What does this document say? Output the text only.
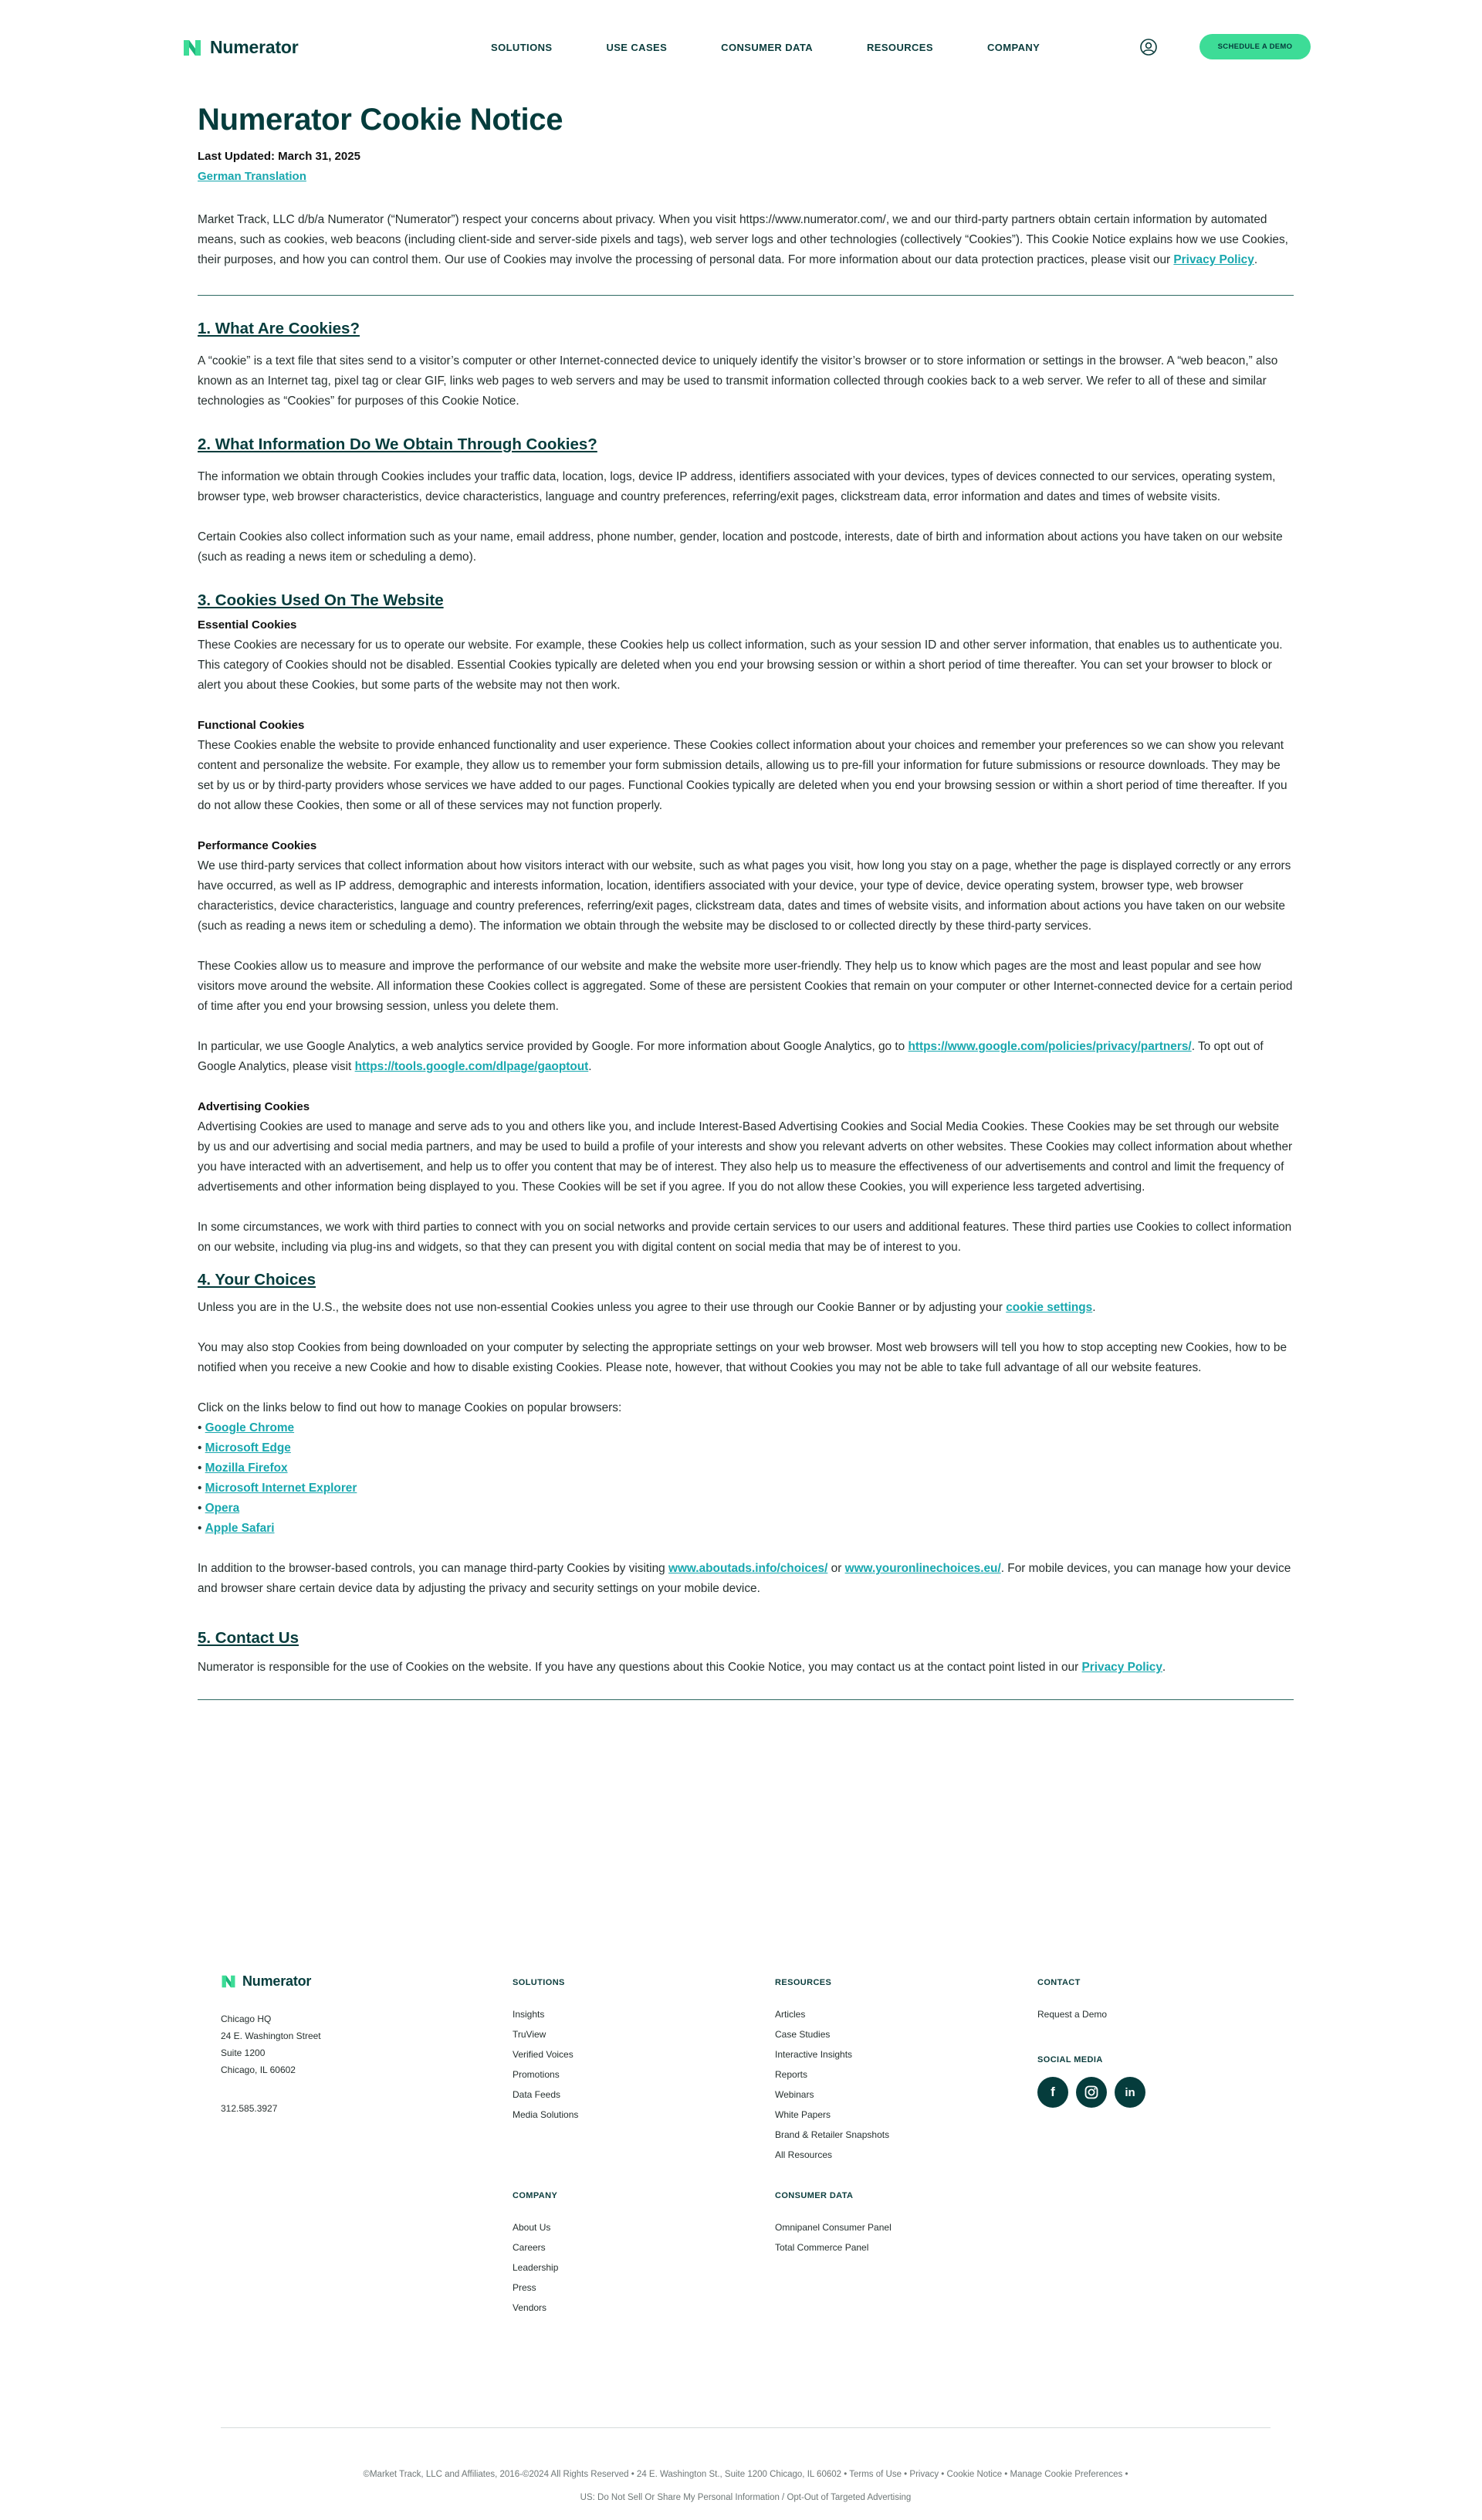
Numerator	SOLUTIONS	USE CASES	CONSUMER DATA	RESOURCES	COMPANY	SCHEDULE A DEMO
Numerator Cookie Notice
Last Updated: March 31, 2025
German Translation

Market Track, LLC d/b/a Numerator (“Numerator”) respect your concerns about privacy. When you visit https://www.numerator.com/, we and our third-party partners obtain certain information by automated means, such as cookies, web beacons (including client-side and server-side pixels and tags), web server logs and other technologies (collectively “Cookies”). This Cookie Notice explains how we use Cookies, their purposes, and how you can control them. Our use of Cookies may involve the processing of personal data. For more information about our data protection practices, please visit our Privacy Policy.

1. What Are Cookies?

A “cookie” is a text file that sites send to a visitor’s computer or other Internet-connected device to uniquely identify the visitor’s browser or to store information or settings in the browser. A “web beacon,” also known as an Internet tag, pixel tag or clear GIF, links web pages to web servers and may be used to transmit information collected through cookies back to a web server. We refer to all of these and similar technologies as “Cookies” for purposes of this Cookie Notice.

2. What Information Do We Obtain Through Cookies?

The information we obtain through Cookies includes your traffic data, location, logs, device IP address, identifiers associated with your devices, types of devices connected to our services, operating system, browser type, web browser characteristics, device characteristics, language and country preferences, referring/exit pages, clickstream data, error information and dates and times of website visits.

Certain Cookies also collect information such as your name, email address, phone number, gender, location and postcode, interests, date of birth and information about actions you have taken on our website (such as reading a news item or scheduling a demo).

3. Cookies Used On The Website
Essential Cookies

These Cookies are necessary for us to operate our website. For example, these Cookies help us collect information, such as your session ID and other server information, that enables us to authenticate you. This category of Cookies should not be disabled. Essential Cookies typically are deleted when you end your browsing session or within a short period of time thereafter. You can set your browser to block or alert you about these Cookies, but some parts of the website may not then work.

Functional Cookies

These Cookies enable the website to provide enhanced functionality and user experience. These Cookies collect information about your choices and remember your preferences so we can show you relevant content and personalize the website. For example, they allow us to remember your form submission details, allowing us to pre-fill your information for future submissions or resource downloads. They may be set by us or by third-party providers whose services we have added to our pages. Functional Cookies typically are deleted when you end your browsing session or within a short period of time thereafter. If you do not allow these Cookies, then some or all of these services may not function properly.

Performance Cookies

We use third-party services that collect information about how visitors interact with our website, such as what pages you visit, how long you stay on a page, whether the page is displayed correctly or any errors have occurred, as well as IP address, demographic and interests information, location, identifiers associated with your device, your type of device, device operating system, browser type, web browser characteristics, device characteristics, language and country preferences, referring/exit pages, clickstream data, dates and times of website visits, and information about actions you have taken on our website (such as reading a news item or scheduling a demo). The information we obtain through the website may be disclosed to or collected directly by these third-party services.

These Cookies allow us to measure and improve the performance of our website and make the website more user-friendly. They help us to know which pages are the most and least popular and see how visitors move around the website. All information these Cookies collect is aggregated. Some of these are persistent Cookies that remain on your computer or other Internet-connected device for a certain period of time after you end your browsing session, unless you delete them.

In particular, we use Google Analytics, a web analytics service provided by Google. For more information about Google Analytics, go to https://www.google.com/policies/privacy/partners/. To opt out of Google Analytics, please visit https://tools.google.com/dlpage/gaoptout.

Advertising Cookies

Advertising Cookies are used to manage and serve ads to you and others like you, and include Interest-Based Advertising Cookies and Social Media Cookies. These Cookies may be set through our website by us and our advertising and social media partners, and may be used to build a profile of your interests and show you relevant adverts on other websites. These Cookies may collect information about whether you have interacted with an advertisement, and help us to offer you content that may be of interest. They also help us to measure the effectiveness of our advertisements and control and limit the frequency of advertisements and other information being displayed to you. These Cookies will be set if you agree. If you do not allow these Cookies, you will experience less targeted advertising.

In some circumstances, we work with third parties to connect with you on social networks and provide certain services to our users and additional features. These third parties use Cookies to collect information on our website, including via plug-ins and widgets, so that they can present you with digital content on social media that may be of interest to you.

4. Your Choices

Unless you are in the U.S., the website does not use non-essential Cookies unless you agree to their use through our Cookie Banner or by adjusting your cookie settings.

You may also stop Cookies from being downloaded on your computer by selecting the appropriate settings on your web browser. Most web browsers will tell you how to stop accepting new Cookies, how to be notified when you receive a new Cookie and how to disable existing Cookies. Please note, however, that without Cookies you may not be able to take full advantage of all our website features.

Click on the links below to find out how to manage Cookies on popular browsers:

• Google Chrome
• Microsoft Edge
• Mozilla Firefox
• Microsoft Internet Explorer
• Opera
• Apple Safari

In addition to the browser-based controls, you can manage third-party Cookies by visiting www.aboutads.info/choices/ or www.youronlinechoices.eu/. For mobile devices, you can manage how your device and browser share certain device data by adjusting the privacy and security settings on your mobile device.

5. Contact Us

Numerator is responsible for the use of Cookies on the website. If you have any questions about this Cookie Notice, you may contact us at the contact point listed in our Privacy Policy.

Numerator
Chicago HQ
24 E. Washington Street
Suite 1200
Chicago, IL 60602
312.585.3927
SOLUTIONS
Insights
TruView
Verified Voices
Promotions
Data Feeds
Media Solutions
RESOURCES
Articles
Case Studies
Interactive Insights
Reports
Webinars
White Papers
Brand & Retailer Snapshots
All Resources
CONTACT
Request a Demo
SOCIAL MEDIA
f	in
COMPANY
About Us
Careers
Leadership
Press
Vendors
CONSUMER DATA
Omnipanel Consumer Panel
Total Commerce Panel
©Market Track, LLC and Affiliates, 2016-©2024 All Rights Reserved • 24 E. Washington St., Suite 1200 Chicago, IL 60602 • Terms of Use • Privacy • Cookie Notice • Manage Cookie Preferences •
US: Do Not Sell Or Share My Personal Information / Opt-Out of Targeted Advertising
